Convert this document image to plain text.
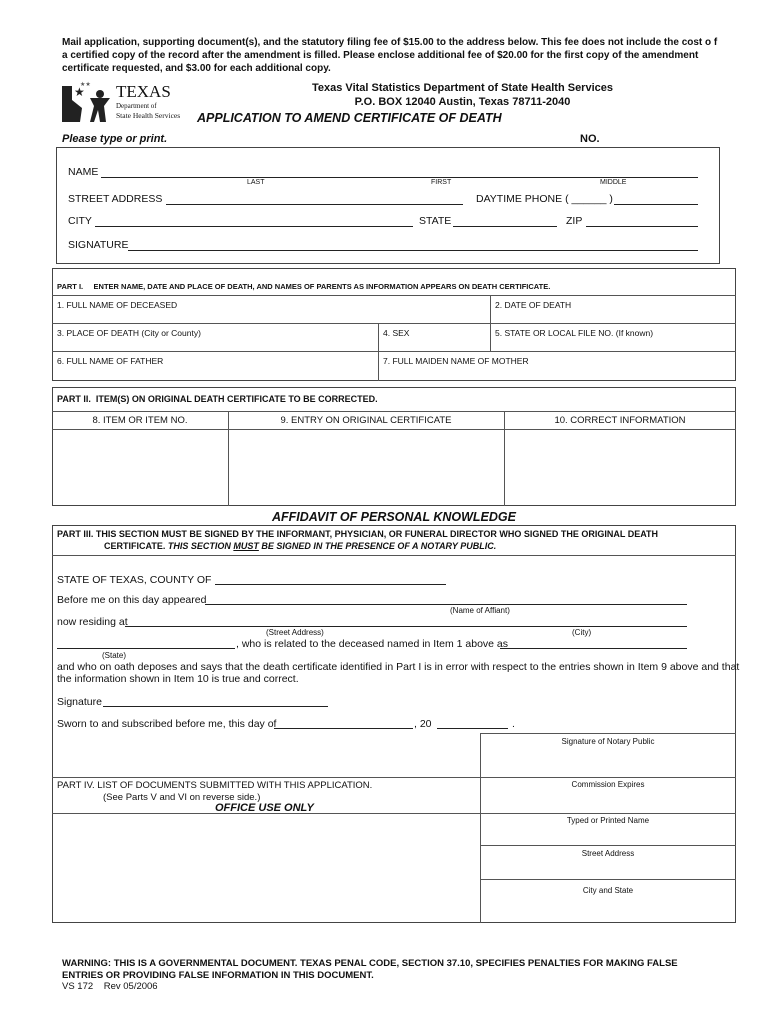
Mail application, supporting document(s), and the statutory filing fee of $15.00 to the address below. This fee does not include the cost o f
a certified copy of the record after the amendment is filled. Please enclose additional fee of $20.00 for the first copy of the amendment
certificate requested, and $3.00 for each additional copy.
★
★★ TEXAS
Department of
State Health Services
Texas Vital Statistics Department of State Health Services
P.O. BOX 12040 Austin, Texas 78711-2040
APPLICATION TO AMEND CERTIFICATE OF DEATH
Please type or print.	NO.
NAME
LAST	FIRST	MIDDLE
STREET ADDRESS	DAYTIME PHONE ( ______ )
CITY	STATE	ZIP
SIGNATURE
PART I.     ENTER NAME, DATE AND PLACE OF DEATH, AND NAMES OF PARENTS AS INFORMATION APPEARS ON DEATH CERTIFICATE.
1. FULL NAME OF DECEASED	2. DATE OF DEATH
3. PLACE OF DEATH (City or County)	4. SEX	5. STATE OR LOCAL FILE NO. (If known)
6. FULL NAME OF FATHER	7. FULL MAIDEN NAME OF MOTHER
PART II.  ITEM(S) ON ORIGINAL DEATH CERTIFICATE TO BE CORRECTED.
8. ITEM OR ITEM NO.	9. ENTRY ON ORIGINAL CERTIFICATE	10. CORRECT INFORMATION
AFFIDAVIT OF PERSONAL KNOWLEDGE
PART III. THIS SECTION MUST BE SIGNED BY THE INFORMANT, PHYSICIAN, OR FUNERAL DIRECTOR WHO SIGNED THE ORIGINAL DEATH
CERTIFICATE. THIS SECTION MUST BE SIGNED IN THE PRESENCE OF A NOTARY PUBLIC.
STATE OF TEXAS, COUNTY OF
Before me on this day appeared
(Name of Affiant)
now residing at
(Street Address)	(City)
, who is related to the deceased named in Item 1 above as
(State)
and who on oath deposes and says that the death certificate identified in Part I is in error with respect to the entries shown in Item 9 above and that
the information shown in Item 10 is true and correct.
Signature
Sworn to and subscribed before me, this day of	, 20	.
Signature of Notary Public
Commission Expires
Typed or Printed Name
Street Address
City and State
PART IV. LIST OF DOCUMENTS SUBMITTED WITH THIS APPLICATION.
(See Parts V and VI on reverse side.)
OFFICE USE ONLY
WARNING: THIS IS A GOVERNMENTAL DOCUMENT. TEXAS PENAL CODE, SECTION 37.10, SPECIFIES PENALTIES FOR MAKING FALSE
ENTRIES OR PROVIDING FALSE INFORMATION IN THIS DOCUMENT.
VS 172    Rev 05/2006
